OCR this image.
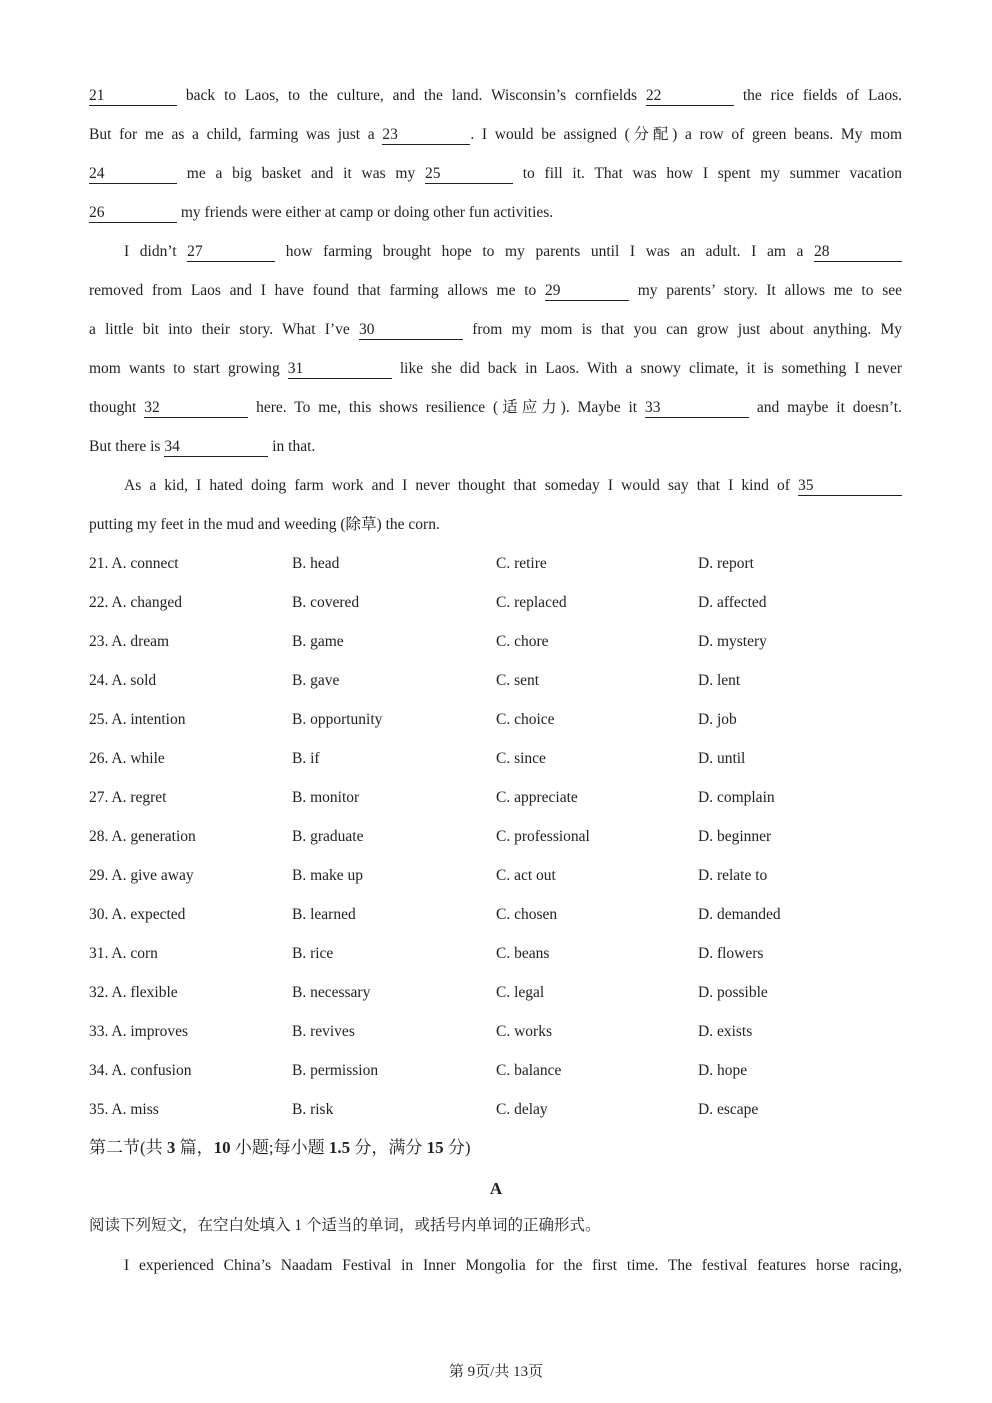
21	back to Laos, to the culture, and the land. Wisconsin’s cornfields 22	the rice fields of Laos.
But for me as a child, farming was just a 23	. I would be assigned (分配) a row of green beans. My mom
24	me a big basket and it was my 25	to fill it. That was how I spent my summer vacation
26	my friends were either at camp or doing other fun activities.
I didn’t 27	how farming brought hope to my parents until I was an adult. I am a 28
removed from Laos and I have found that farming allows me to 29	my parents’ story. It allows me to see
a little bit into their story. What I’ve 30	from my mom is that you can grow just about anything. My
mom wants to start growing 31	like she did back in Laos. With a snowy climate, it is something I never
thought 32	here. To me, this shows resilience (适应力). Maybe it 33	and maybe it doesn’t.
But there is 34	in that.
As a kid, I hated doing farm work and I never thought that someday I would say that I kind of 35
putting my feet in the mud and weeding (除草) the corn.
21. A. connect	B. head	C. retire	D. report
22. A. changed	B. covered	C. replaced	D. affected
23. A. dream	B. game	C. chore	D. mystery
24. A. sold	B. gave	C. sent	D. lent
25. A. intention	B. opportunity	C. choice	D. job
26. A. while	B. if	C. since	D. until
27. A. regret	B. monitor	C. appreciate	D. complain
28. A. generation	B. graduate	C. professional	D. beginner
29. A. give away	B. make up	C. act out	D. relate to
30. A. expected	B. learned	C. chosen	D. demanded
31. A. corn	B. rice	C. beans	D. flowers
32. A. flexible	B. necessary	C. legal	D. possible
33. A. improves	B. revives	C. works	D. exists
34. A. confusion	B. permission	C. balance	D. hope
35. A. miss	B. risk	C. delay	D. escape
第二节(共 3 篇，10 小题;每小题 1.5 分，满分 15 分)
A
阅读下列短文，在空白处填入 1 个适当的单词，或括号内单词的正确形式。
I experienced China’s Naadam Festival in Inner Mongolia for the first time. The festival features horse racing,
第 9页/共 13页
